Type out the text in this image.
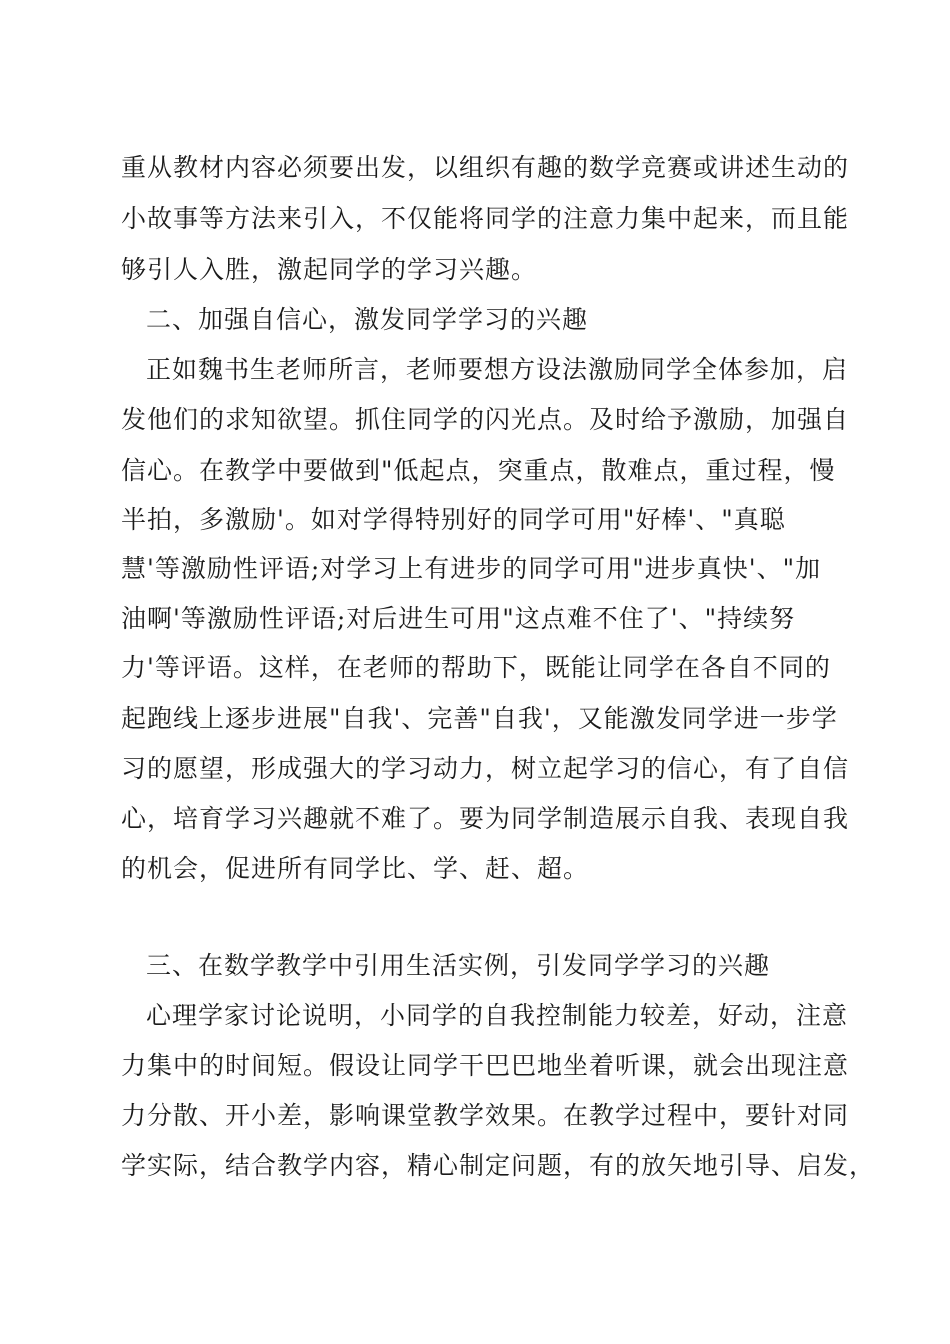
重从教材内容必须要出发，以组织有趣的数学竞赛或讲述生动的
小故事等方法来引入，不仅能将同学的注意力集中起来，而且能
够引人入胜，激起同学的学习兴趣。
二、加强自信心，激发同学学习的兴趣
正如魏书生老师所言，老师要想方设法激励同学全体参加，启
发他们的求知欲望。抓住同学的闪光点。及时给予激励，加强自
信心。在教学中要做到"低起点，突重点，散难点，重过程，慢
半拍，多激励'。如对学得特别好的同学可用"好棒'、"真聪
慧'等激励性评语;对学习上有进步的同学可用"进步真快'、"加
油啊'等激励性评语;对后进生可用"这点难不住了'、"持续努
力'等评语。这样，在老师的帮助下，既能让同学在各自不同的
起跑线上逐步进展"自我'、完善"自我'，又能激发同学进一步学
习的愿望，形成强大的学习动力，树立起学习的信心，有了自信
心，培育学习兴趣就不难了。要为同学制造展示自我、表现自我
的机会，促进所有同学比、学、赶、超。
三、在数学教学中引用生活实例，引发同学学习的兴趣
心理学家讨论说明，小同学的自我控制能力较差，好动，注意
力集中的时间短。假设让同学干巴巴地坐着听课，就会出现注意
力分散、开小差，影响课堂教学效果。在教学过程中，要针对同
学实际，结合教学内容，精心制定问题，有的放矢地引导、启发，
